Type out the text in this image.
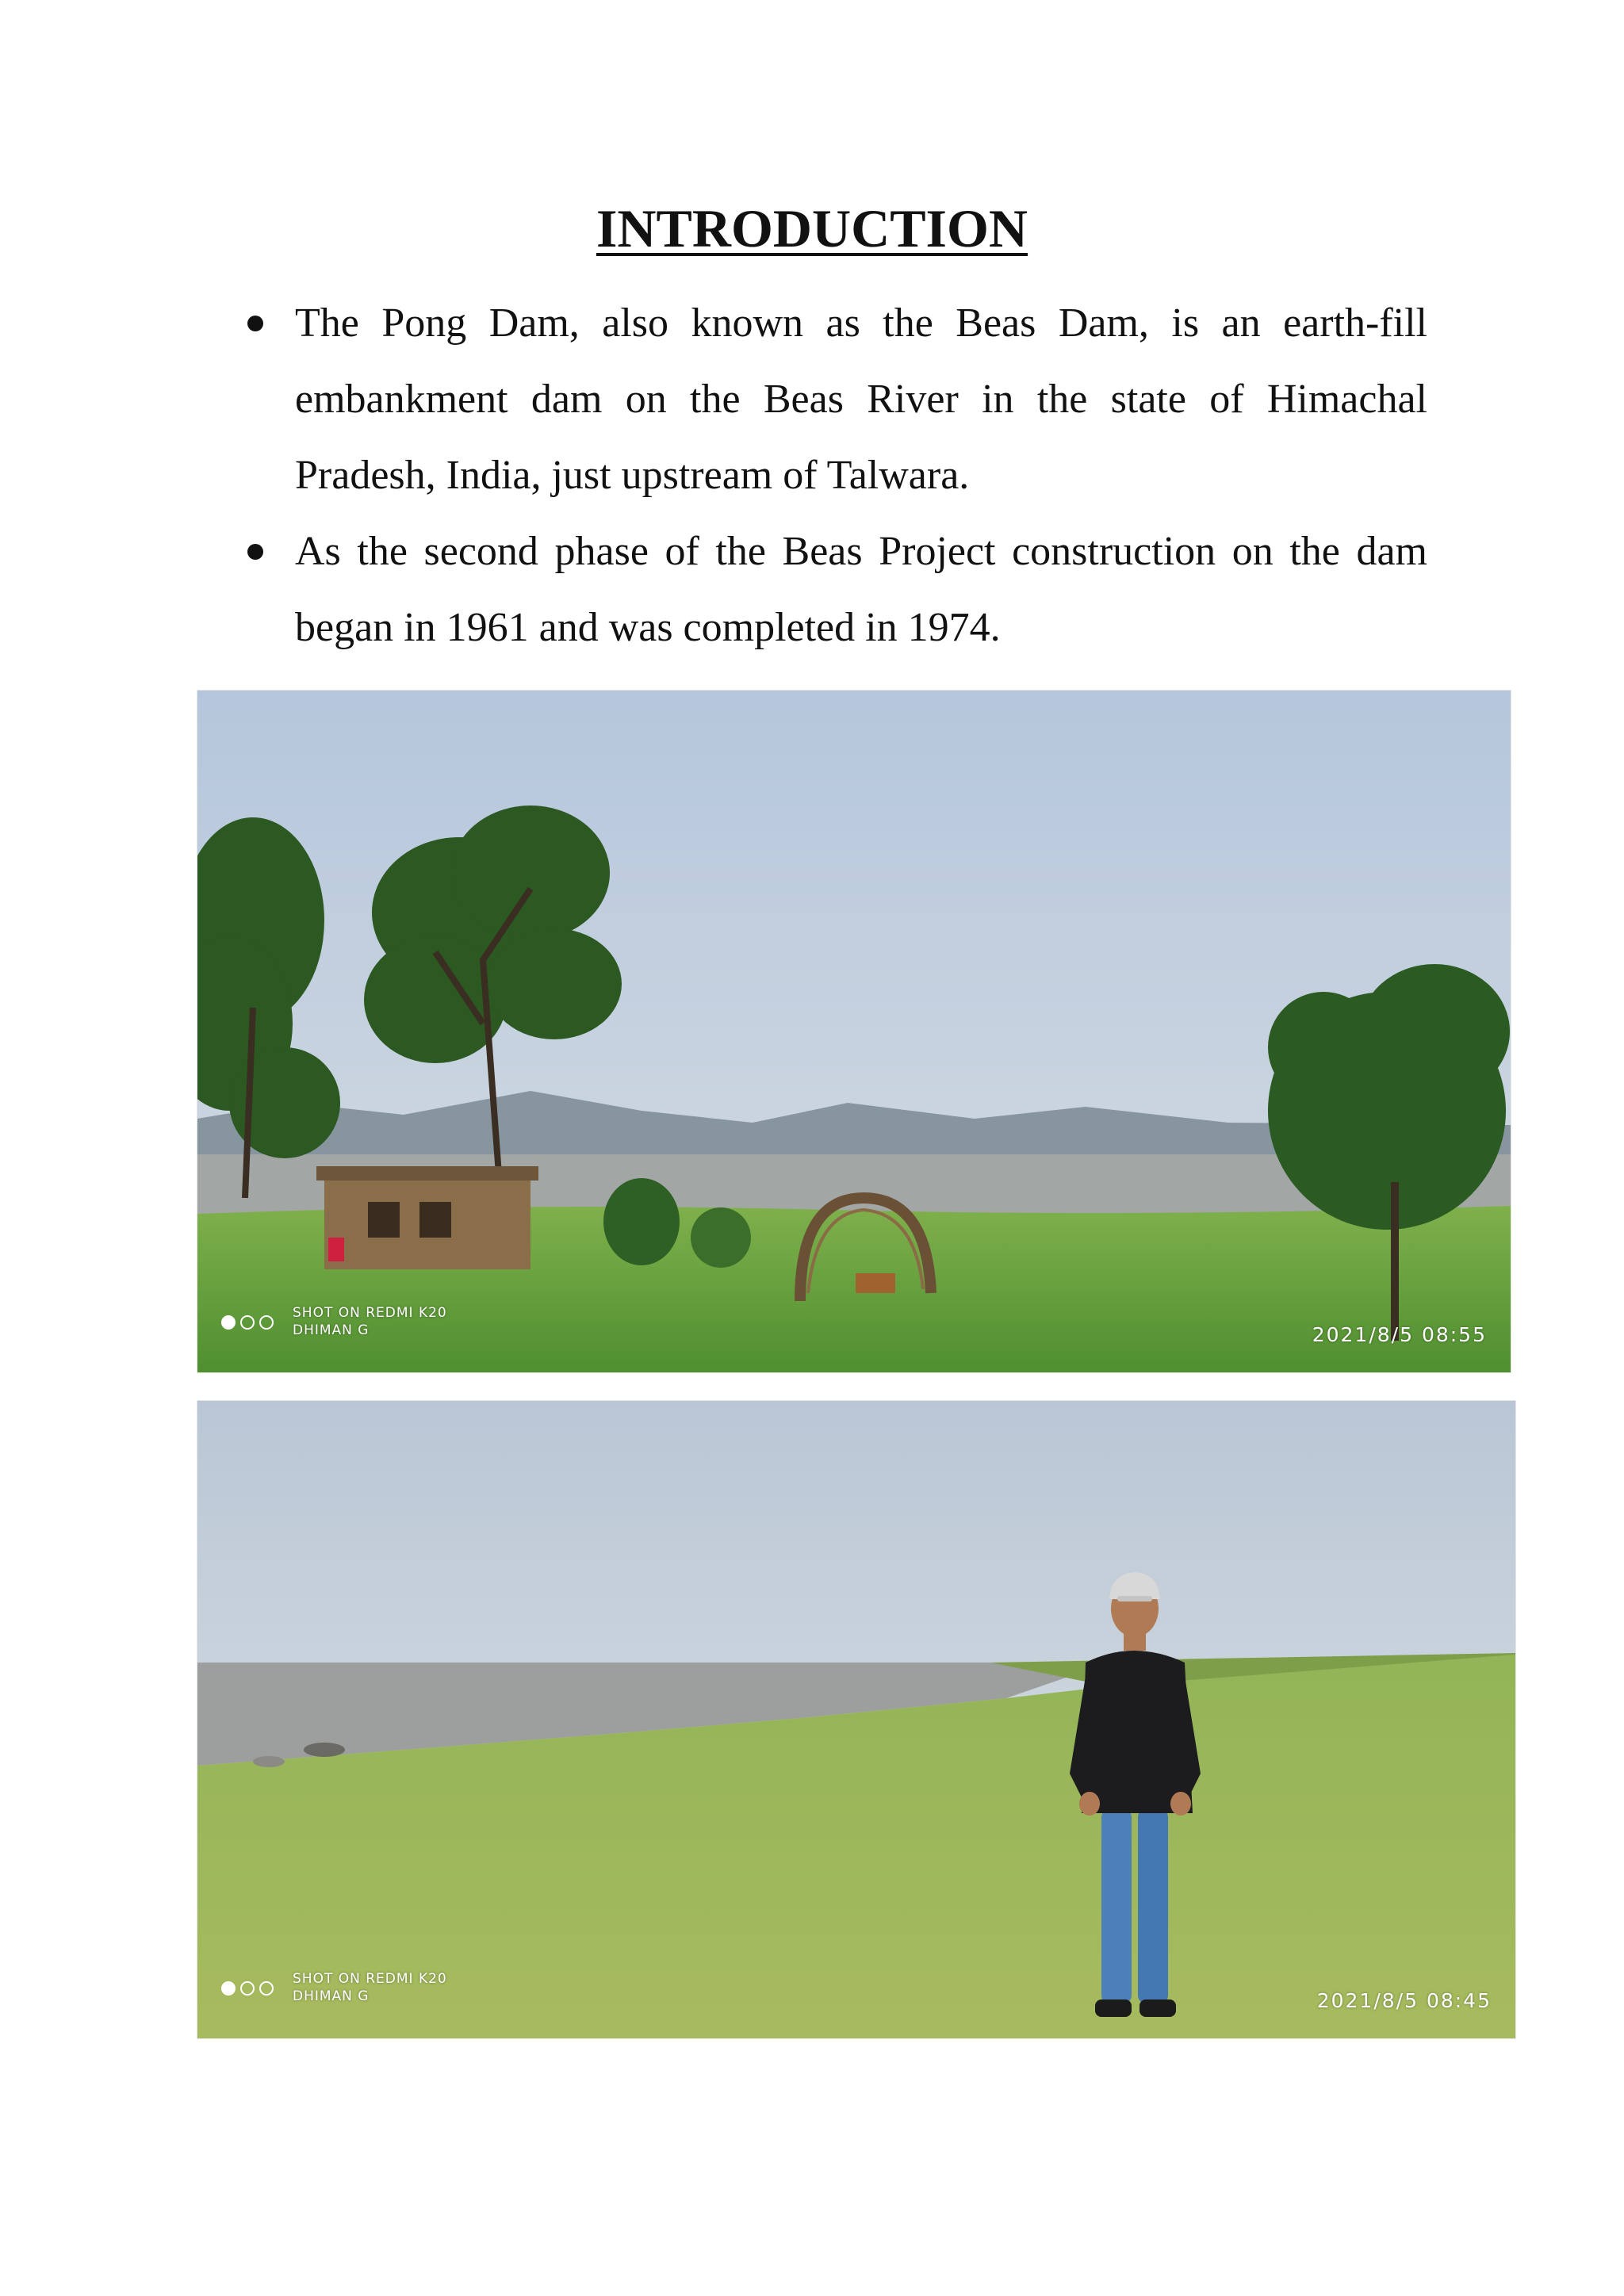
INTRODUCTION
The Pong Dam, also known as the Beas Dam, is an earth-fill embankment dam on the Beas River in the state of Himachal Pradesh, India, just upstream of Talwara.
As the second phase of the Beas Project construction on the dam began in 1961 and was completed in 1974.
SHOT ON REDMI K20
DHIMAN G	2021/8/5 08:55
SHOT ON REDMI K20
DHIMAN G	2021/8/5 08:45
